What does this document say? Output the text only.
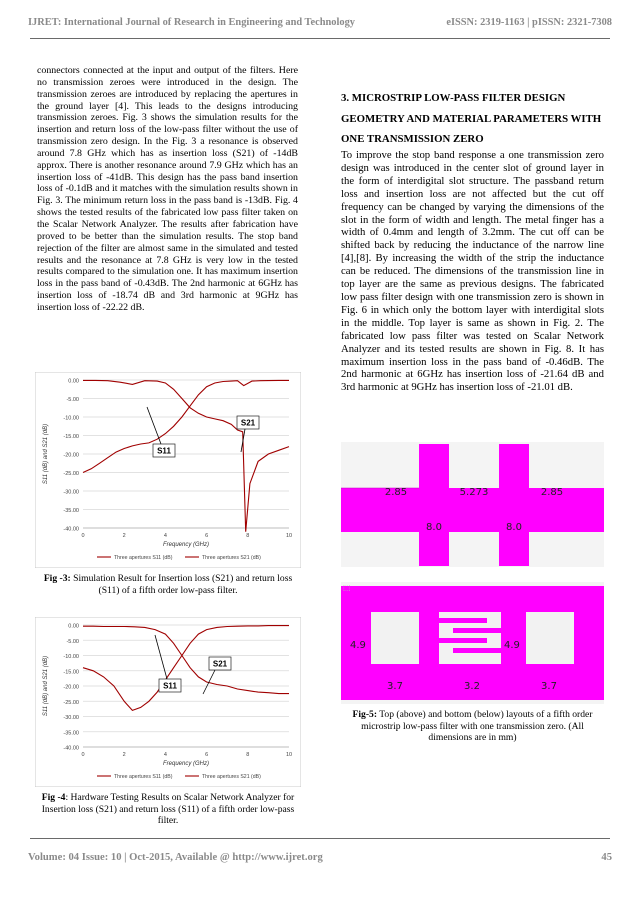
IJRET: International Journal of Research in Engineering and Technology	eISSN: 2319-1163 | pISSN: 2321-7308

connectors connected at the input and output of the filters. Here no transmission zeroes were introduced in the design. The transmission zeroes are introduced by replacing the apertures in the ground layer [4]. This leads to the designs introducing transmission zeroes. Fig. 3 shows the simulation results for the insertion and return loss of the low-pass filter without the use of transmission zero design. In the Fig. 3 a resonance is observed around 7.8 GHz which has as insertion loss (S21) of -14dB approx. There is another resonance around 7.9 GHz which has an insertion loss of -41dB. This design has the pass band insertion loss of -0.1dB and it matches with the simulation results shown in Fig. 3. The minimum return loss in the pass band is -13dB. Fig. 4 shows the tested results of the fabricated low pass filter taken on the Scalar Network Analyzer. The results after fabrication have proved to be better than the simulation results. The stop band rejection of the filter are almost same in the simulated and tested results and the resonance at 7.8 GHz is very low in the tested results compared to the simulation one. It has maximum insertion loss in the pass band of -0.43dB. The 2nd harmonic at 6GHz has insertion loss of -18.74 dB and 3rd harmonic at 9GHz has insertion loss of -22.22 dB.

3. MICROSTRIP LOW-PASS FILTER DESIGN GEOMETRY AND MATERIAL PARAMETERS WITH ONE TRANSMISSION ZERO

To improve the stop band response a one transmission zero design was introduced in the center slot of ground layer in the form of interdigital slot structure. The passband return loss and insertion loss are not affected but the cut off frequency can be changed by varying the dimensions of the slot in the form of width and length. The metal finger has a width of 0.4mm and length of 3.2mm. The cut off can be shifted back by reducing the inductance of the narrow line [4],[8]. By increasing the width of the strip the inductance can be reduced. The dimensions of the transmission line in top layer are the same as previous designs. The fabricated low pass filter design with one transmission zero is shown in Fig. 6 in which only the bottom layer with interdigital slots in the middle. Top layer is same as shown in Fig. 2. The fabricated low pass filter was tested on Scalar Network Analyzer and its tested results are shown in Fig. 8. It has maximum insertion loss in the pass band of -0.46dB. The 2nd harmonic at 6GHz has insertion loss of -21.64 dB and 3rd harmonic at 9GHz has insertion loss of -21.01 dB.

0.00
-5.00
-10.00
-15.00
-20.00
-25.00
-30.00
-35.00
-40.00
0	2	4	6	8	10
Frequency (GHz)
S11 (dB) and S21 (dB)
Three apertures S11 (dB)	Three apertures S21 (dB)
S21
S11

Fig -3: Simulation Result for Insertion loss (S21) and return loss (S11) of a fifth order low-pass filter.

0.00
-5.00
-10.00
-15.00
-20.00
-25.00
-30.00
-35.00
-40.00
0	2	4	6	8	10
Frequency (GHz)
S11 (dB) and S21 (dB)
Three apertures S11 (dB)	Three apertures S21 (dB)
S21
S11

Fig -4: Hardware Testing Results on Scalar Network Analyzer for Insertion loss (S21) and return loss (S11) of a fifth order low-pass filter.

2.85	5.273	2.85
8.0	8.0
⬚
4.9	4.9
3.7	3.2	3.7

Fig-5: Top (above) and bottom (below) layouts of a fifth order microstrip low-pass filter with one transmission zero. (All dimensions are in mm)

Volume: 04 Issue: 10 | Oct-2015, Available @ http://www.ijret.org	45
